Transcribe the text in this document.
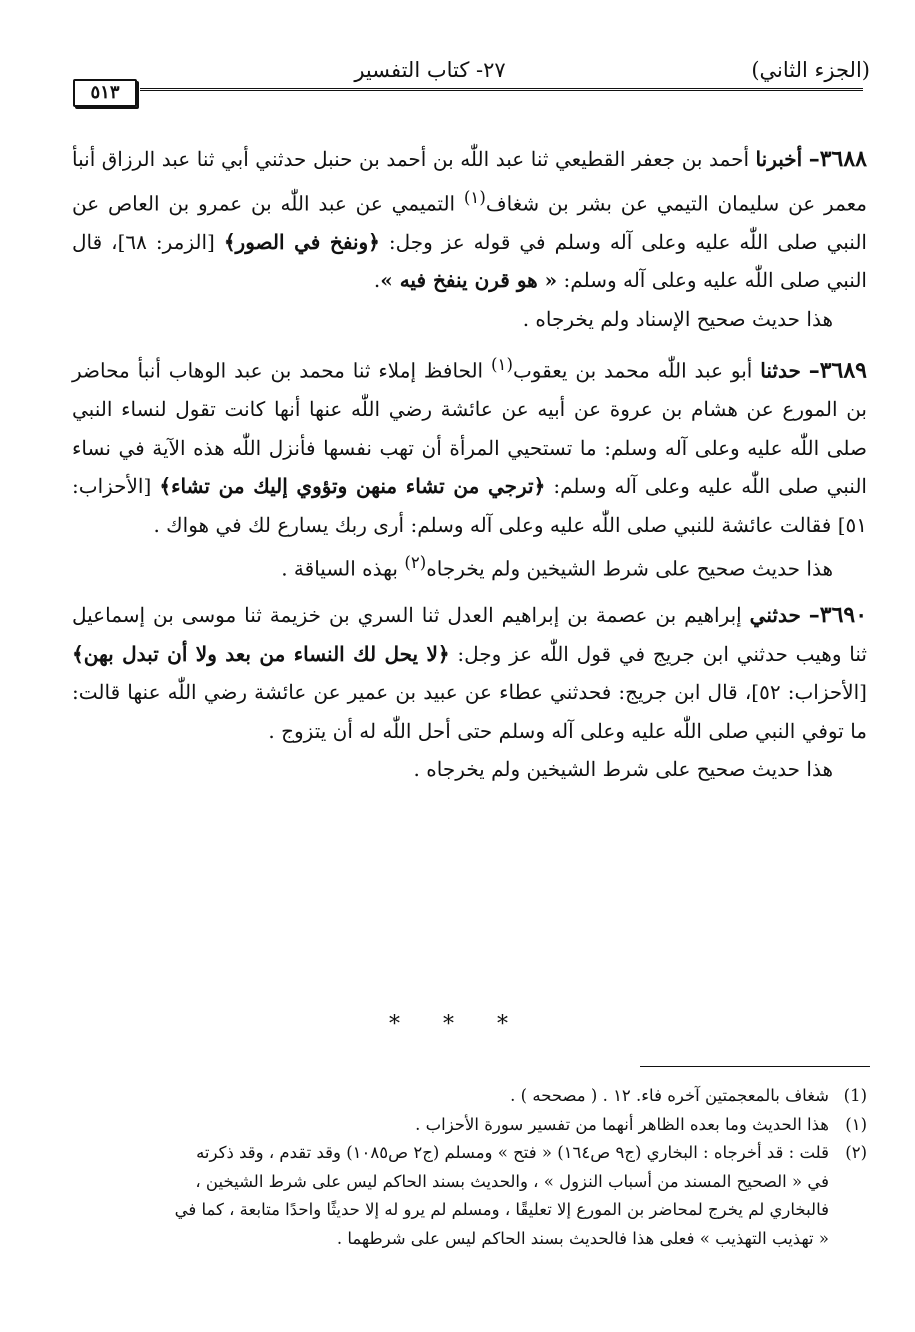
(الجزء الثاني)
٢٧- كتاب التفسير
٥١٣

٣٦٨٨– أخبرنا أحمد بن جعفر القطيعي ثنا عبد اللّٰه بن أحمد بن حنبل حدثني أبي ثنا عبد الرزاق أنبأ معمر عن سليمان التيمي عن بشر بن شغاف$^{(١)}$ التميمي عن عبد اللّٰه بن عمرو بن العاص عن النبي صلى اللّٰه عليه وعلى آله وسلم في قوله عز وجل: ﴿ونفخ في الصور﴾ [الزمر: ٦٨]، قال النبي صلى اللّٰه عليه وعلى آله وسلم: « هو قرن ينفخ فيه ».

هذا حديث صحيح الإسناد ولم يخرجاه .

٣٦٨٩– حدثنا أبو عبد اللّٰه محمد بن يعقوب$^{(١)}$ الحافظ إملاء ثنا محمد بن عبد الوهاب أنبأ محاضر بن المورع عن هشام بن عروة عن أبيه عن عائشة رضي اللّٰه عنها أنها كانت تقول لنساء النبي صلى اللّٰه عليه وعلى آله وسلم: ما تستحيي المرأة أن تهب نفسها فأنزل اللّٰه هذه الآية في نساء النبي صلى اللّٰه عليه وعلى آله وسلم: ﴿ترجي من تشاء منهن وتؤوي إليك من تشاء﴾ [الأحزاب: ٥١] فقالت عائشة للنبي صلى اللّٰه عليه وعلى آله وسلم: أرى ربك يسارع لك في هواك .

هذا حديث صحيح على شرط الشيخين ولم يخرجاه$^{(٢)}$ بهذه السياقة .

٣٦٩٠– حدثني إبراهيم بن عصمة بن إبراهيم العدل ثنا السري بن خزيمة ثنا موسى بن إسماعيل ثنا وهيب حدثني ابن جريج في قول اللّٰه عز وجل: ﴿لا يحل لك النساء من بعد ولا أن تبدل بهن﴾ [الأحزاب: ٥٢]، قال ابن جريج: فحدثني عطاء عن عبيد بن عمير عن عائشة رضي اللّٰه عنها قالت: ما توفي النبي صلى اللّٰه عليه وعلى آله وسلم حتى أحل اللّٰه له أن يتزوج .

هذا حديث صحيح على شرط الشيخين ولم يخرجاه .

* * *

(1)شغاف بالمعجمتين آخره فاء. ١٢ . ( مصححه ) .

(١)هذا الحديث وما بعده الظاهر أنهما من تفسير سورة الأحزاب .

(٢)قلت : قد أخرجاه : البخاري (ج٩ ص١٦٤) « فتح » ومسلم (ج٢ ص١٠٨٥) وقد تقدم ، وقد ذكرته

في « الصحيح المسند من أسباب النزول » ، والحديث بسند الحاكم ليس على شرط الشيخين ،

فالبخاري لم يخرج لمحاضر بن المورع إلا تعليقًا ، ومسلم لم يرو له إلا حديثًا واحدًا متابعة ، كما في

« تهذيب التهذيب » فعلى هذا فالحديث بسند الحاكم ليس على شرطهما .
